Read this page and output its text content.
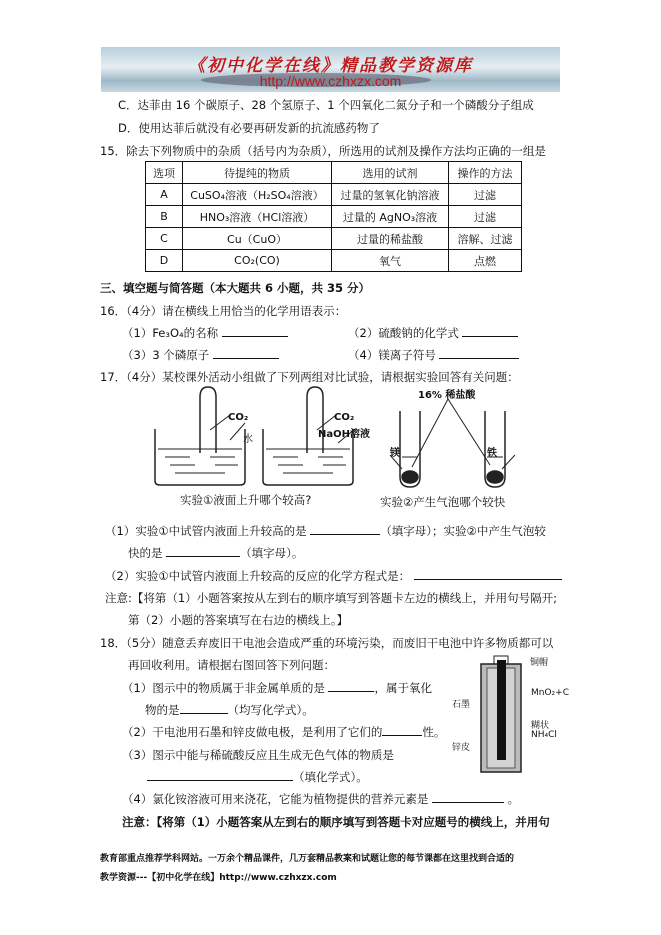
《初中化学在线》精品教学资源库
http://www.czhxzx.com
C．达菲由 16 个碳原子、28 个氢原子、1 个四氧化二氮分子和一个磷酸分子组成
D．使用达菲后就没有必要再研发新的抗流感药物了
15．除去下列物质中的杂质（括号内为杂质），所选用的试剂及操作方法均正确的一组是
选项	待提纯的物质	选用的试剂	操作的方法
A	CuSO₄溶液（H₂SO₄溶液）	过量的氢氧化钠溶液	过滤
B	HNO₃溶液（HCl溶液）	过量的 AgNO₃溶液	过滤
C	Cu（CuO）	过量的稀盐酸	溶解、过滤
D	CO₂(CO)	氧气	点燃
三、填空题与简答题（本大题共 6 小题，共 35 分）
16．（4分）请在横线上用恰当的化学用语表示：
（1）Fe₃O₄的名称	（2）硫酸钠的化学式
（3）3 个磷原子	（4）镁离子符号
17．（4分）某校课外活动小组做了下列两组对比试验，请根据实验回答有关问题：
CO₂
水
CO₂
NaOH溶液
16% 稀盐酸
镁	铁
实验①液面上升哪个较高?	实验②产生气泡哪个较快
（1）实验①中试管内液面上升较高的是	（填字母）；实验②中产生气泡较
快的是	（填字母）。
（2）实验①中试管内液面上升较高的反应的化学方程式是：
注意:【将第（1）小题答案按从左到右的顺序填写到答题卡左边的横线上，并用句号隔开;
第（2）小题的答案填写在右边的横线上。】
18．（5分）随意丢弃废旧干电池会造成严重的环境污染，而废旧干电池中许多物质都可以
再回收利用。请根据右图回答下列问题：
（1）图示中的物质属于非金属单质的是	，属于氧化
物的是	（均写化学式）。
（2）干电池用石墨和锌皮做电极，是利用了它们的	性。
（3）图示中能与稀硫酸反应且生成无色气体的物质是
（填化学式）。
（4）氯化铵溶液可用来浇花，它能为植物提供的营养元素是	。
注意：【将第（1）小题答案从左到右的顺序填写到答题卡对应题号的横线上，并用句
铜帽
MnO₂+C
石墨
糊状
NH₄Cl
锌皮
教育部重点推荐学科网站。一万余个精品课件，几万套精品教案和试题让您的每节课都在这里找到合适的
教学资源---【初中化学在线】http://www.czhxzx.com
